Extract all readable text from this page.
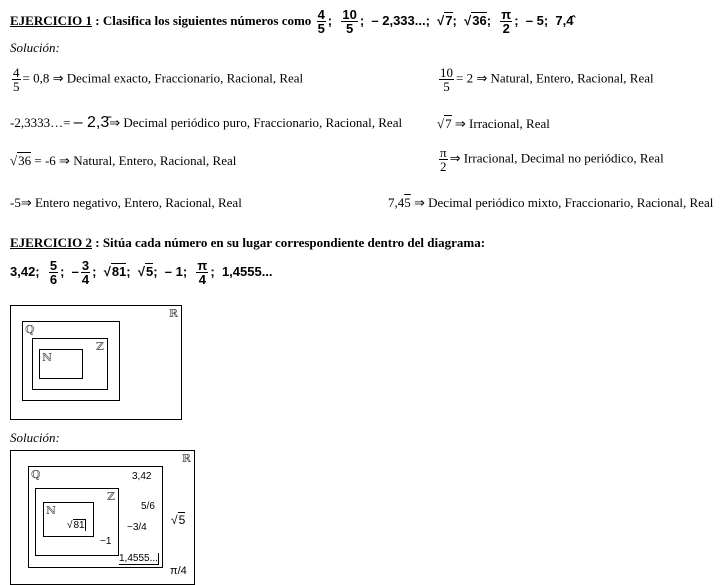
EJERCICIO 1 : Clasifica los siguientes números como $\frac{4}{5}$ ; $\frac{10}{5}$ ;  – 2,333...;  √7;  √36; $\frac{\pi}{2}$ ;  – 5; 7,4̂
Solución:
$\frac{4}{5} = 0,8$ ⇒ Decimal exacto, Fraccionario, Racional, Real	$\frac{10}{5} = 2$ ⇒ Natural, Entero, Racional, Real
-2,3333…= – 2,3̄⇒ Decimal periódico puro, Fraccionario, Racional, Real	√7 ⇒ Irracional, Real
√36 = -6 ⇒ Natural, Entero, Racional, Real	$\frac{\pi}{2}$ ⇒ Irracional, Decimal no periódico, Real
-5⇒ Entero negativo, Entero, Racional, Real	7,45 ⇒ Decimal periódico mixto, Fraccionario, Racional, Real
EJERCICIO 2 : Sitúa cada número en su lugar correspondiente dentro del diagrama:
3,42; $\frac{5}{6}$ ;  – $\frac{3}{4}$ ;  √81;  √5;  – 1; $\frac{\pi}{4}$ ;  1,4555...
ℝ
ℚ
ℤ
ℕ
Solución:
ℝ
√5
π/4
ℚ	3,42
5/6
−3/4
1,4555...
ℤ
−1
ℕ
√81
